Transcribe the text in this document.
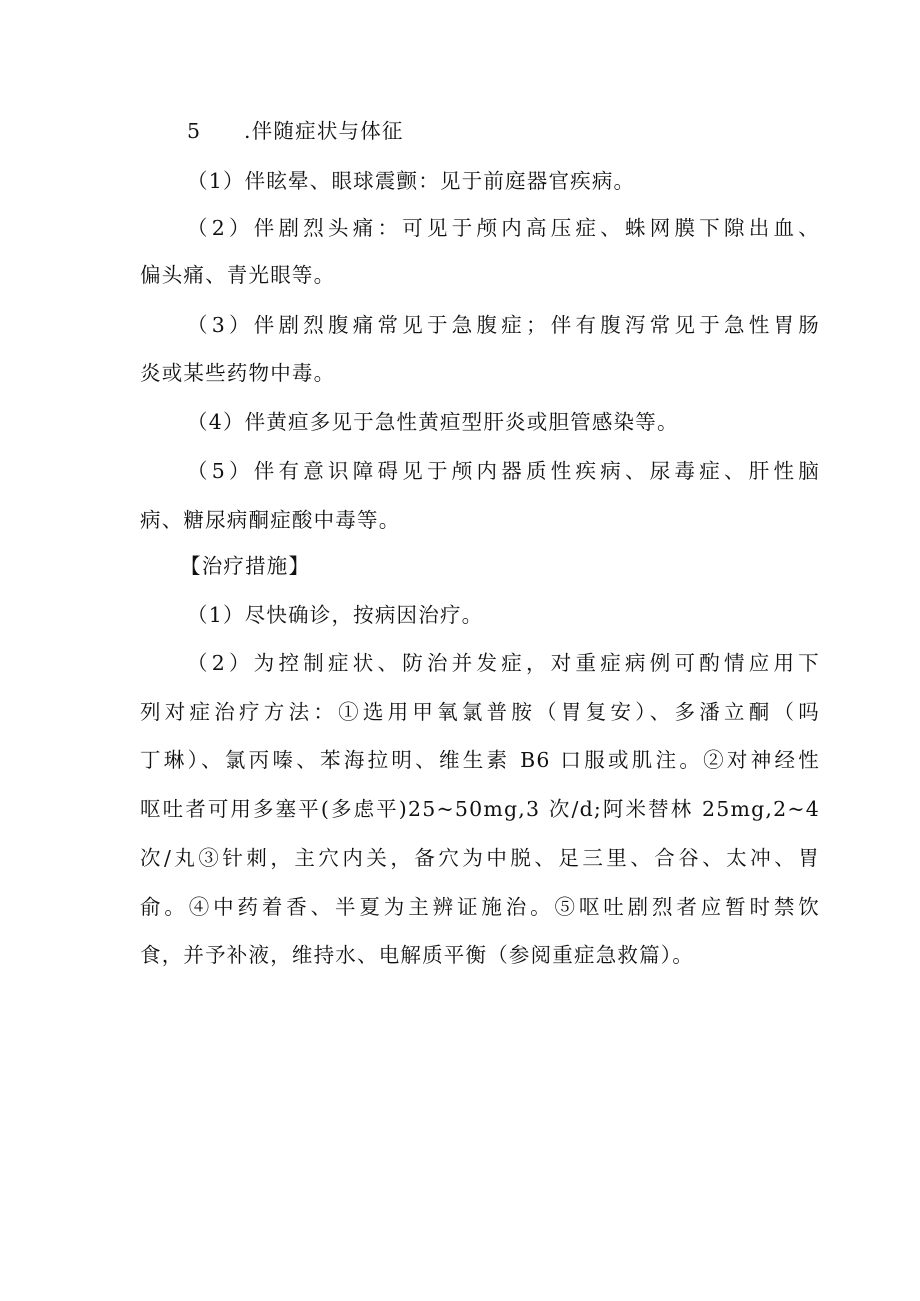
5 .伴随症状与体征
（1）伴眩晕、眼球震颤：见于前庭器官疾病。
（2）伴剧烈头痛：可见于颅内高压症、蛛网膜下隙出血、
偏头痛、青光眼等。
（3）伴剧烈腹痛常见于急腹症；伴有腹泻常见于急性胃肠
炎或某些药物中毒。
（4）伴黄疸多见于急性黄疸型肝炎或胆管感染等。
（5）伴有意识障碍见于颅内器质性疾病、尿毒症、肝性脑
病、糖尿病酮症酸中毒等。
【治疗措施】
（1）尽快确诊，按病因治疗。
（2）为控制症状、防治并发症，对重症病例可酌情应用下
列对症治疗方法：①选用甲氧氯普胺（胃复安）、多潘立酮（吗
丁琳）、氯丙嗪、苯海拉明、维生素 B6 口服或肌注。②对神经性
呕吐者可用多塞平(多虑平)25~50mg,3 次/d;阿米替林 25mg,2~4
次/丸③针刺，主穴内关，备穴为中脱、足三里、合谷、太冲、胃
俞。④中药着香、半夏为主辨证施治。⑤呕吐剧烈者应暂时禁饮
食，并予补液，维持水、电解质平衡（参阅重症急救篇）。
